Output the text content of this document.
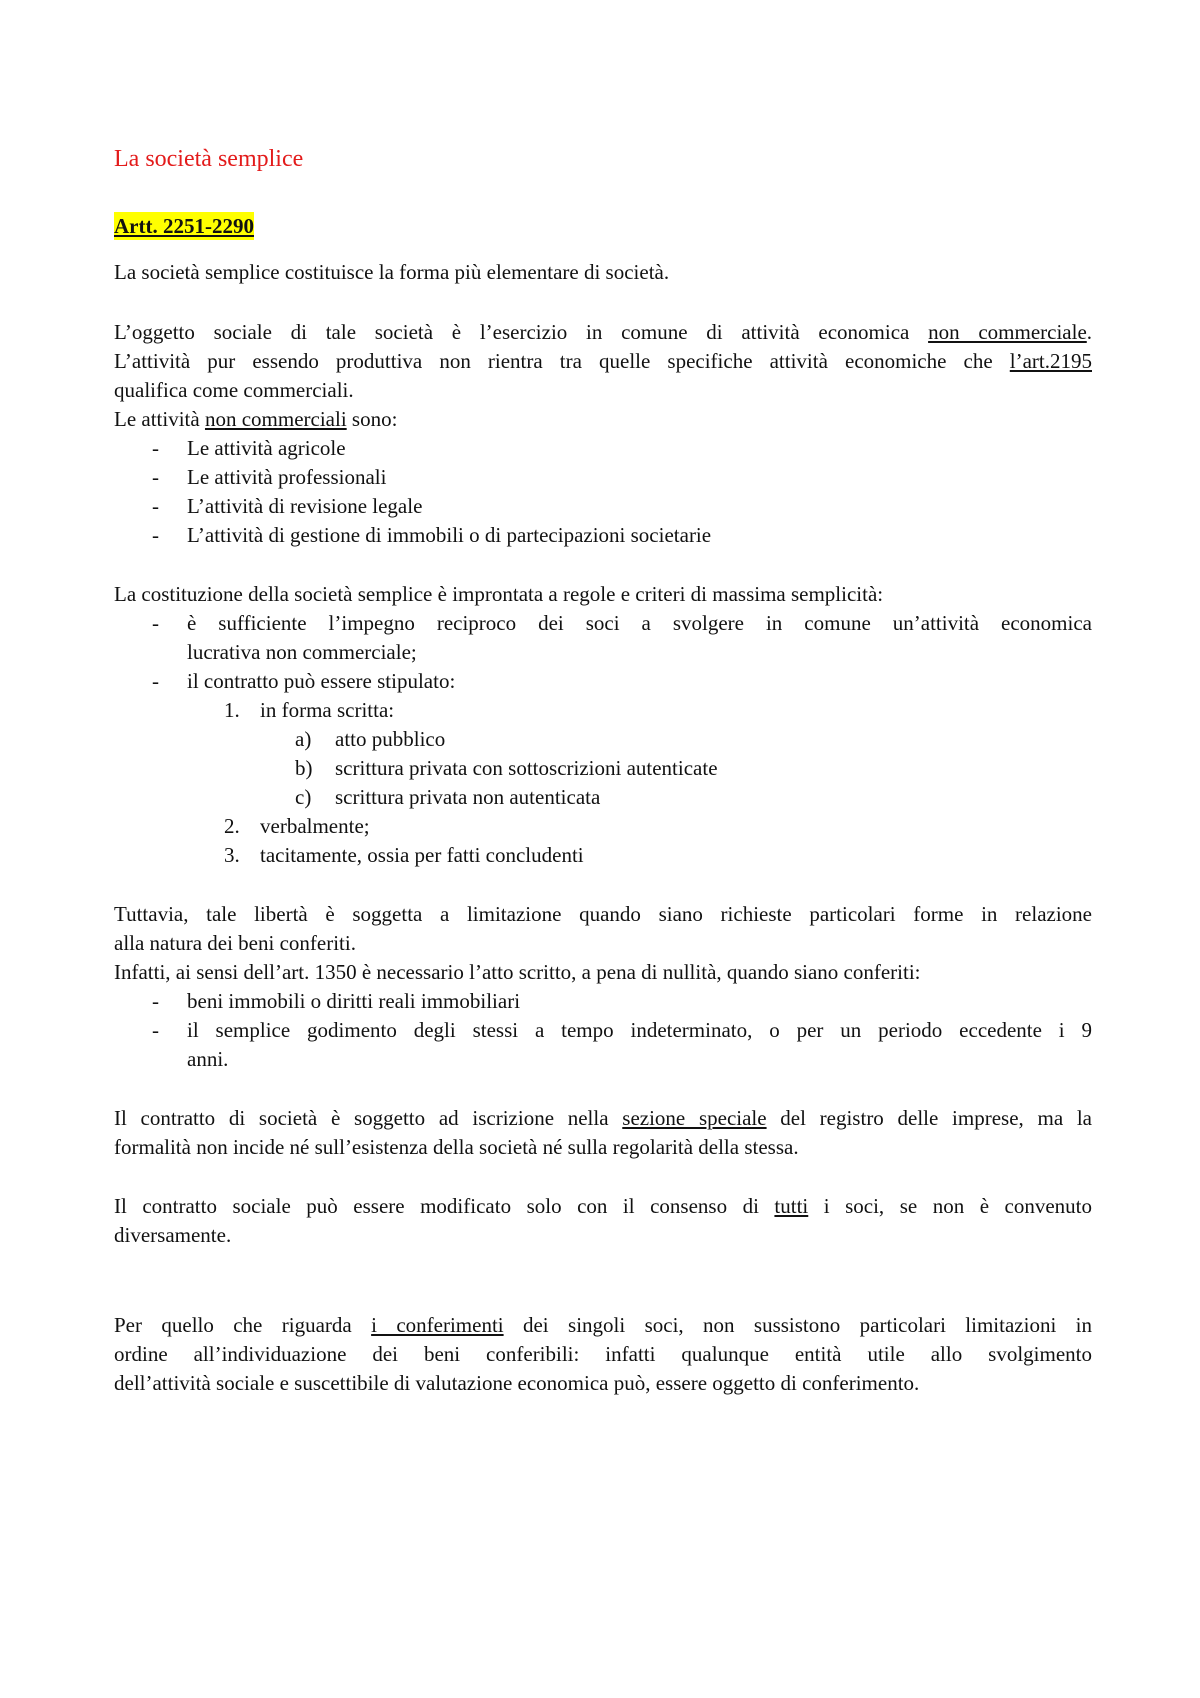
La società semplice
Artt. 2251-2290
La società semplice costituisce la forma più elementare di società.
L’oggetto sociale di tale società è l’esercizio in comune di attività economica non commerciale.
L’attività pur essendo produttiva non rientra tra quelle specifiche attività economiche che l’art.2195
qualifica come commerciali.
Le attività non commerciali sono:
- Le attività agricole
- Le attività professionali
- L’attività di revisione legale
- L’attività di gestione di immobili o di partecipazioni societarie
La costituzione della società semplice è improntata a regole e criteri di massima semplicità:
- è sufficiente l’impegno reciproco dei soci a svolgere in comune un’attività economica
lucrativa non commerciale;
- il contratto può essere stipulato:
1. in forma scritta:
a) atto pubblico
b) scrittura privata con sottoscrizioni autenticate
c) scrittura privata non autenticata
2. verbalmente;
3. tacitamente, ossia per fatti concludenti
Tuttavia, tale libertà è soggetta a limitazione quando siano richieste particolari forme in relazione
alla natura dei beni conferiti.
Infatti, ai sensi dell’art. 1350 è necessario l’atto scritto, a pena di nullità, quando siano conferiti:
- beni immobili o diritti reali immobiliari
- il semplice godimento degli stessi a tempo indeterminato, o per un periodo eccedente i 9
anni.
Il contratto di società è soggetto ad iscrizione nella sezione speciale del registro delle imprese, ma la
formalità non incide né sull’esistenza della società né sulla regolarità della stessa.
Il contratto sociale può essere modificato solo con il consenso di tutti i soci, se non è convenuto
diversamente.
Per quello che riguarda i conferimenti dei singoli soci, non sussistono particolari limitazioni in
ordine all’individuazione dei beni conferibili: infatti qualunque entità utile allo svolgimento
dell’attività sociale e suscettibile di valutazione economica può, essere oggetto di conferimento.
